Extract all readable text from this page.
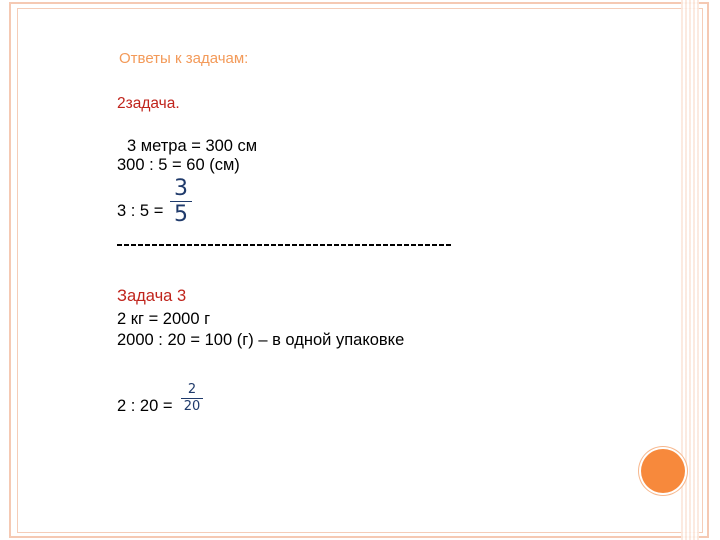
Ответы к задачам:
2задача.
3 метра = 300 см
300 : 5 = 60 (см)
3 : 5 =
3
5
Задача 3
2 кг = 2000 г
2000 : 20 = 100 (г) – в одной упаковке
2 : 20 =
2
20
